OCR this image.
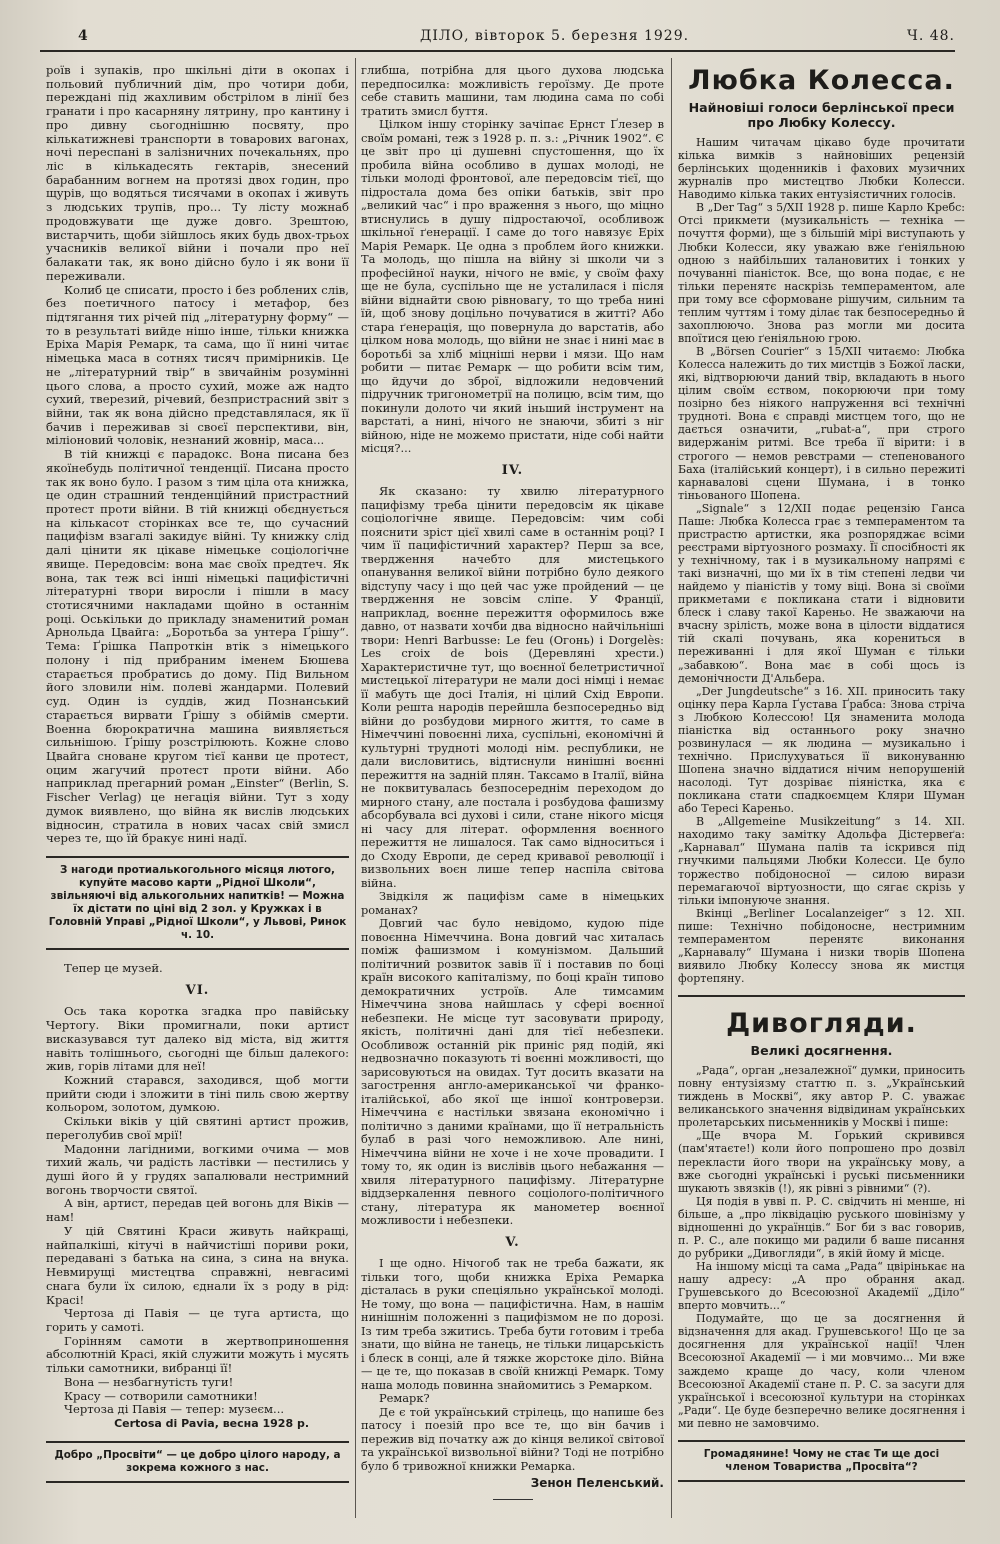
4	ДІЛО, вівторок 5. березня 1929.	Ч. 48.

роїв і зупаків, про шкільні діти в окопах і польовий публичний дім, про чотири доби, переждані під жахливим обстрілом в лінії без гранати і про касарняну лятрину, про кантину і про дивну сьогоднішню посвяту, про кількатижневі транспорти в товарових вагонах, ночі переспані в залізничних почекальнях, про ліс в кількадесять гектарів, знесений барабанним вогнем на протязі двох годин, про щурів, що водяться тисячами в окопах і живуть з людських трупів, про... Ту лісту можнаб продовжувати ще дуже довго. Зрештою, вистарчить, щоби зійшлось яких будь двох-трьох учасників великої війни і почали про неї балакати так, як воно дійсно було і як вони її переживали.

Колиб це списати, просто і без роблених слів, без поетичного патосу і метафор, без підтягання тих річей під „літературну форму“ — то в результаті вийде нішо інше, тільки книжка Еріха Марія Ремарк, та сама, що її нині читає німецька маса в сотнях тисяч примірників. Це не „літературний твір“ в звичайнім розумінні цього слова, а просто сухий, може аж надто сухий, тверезий, річевий, безпристрасний звіт з війни, так як вона дійсно представлялася, як її бачив і переживав зі своєї перспективи, він, міліоновий чоловік, незнаний жовнір, маса...

В тій книжці є парадокс. Вона писана без якоїнебудь політичної тенденції. Писана просто так як воно було. І разом з тим ціла ота книжка, це один страшний тенденційний пристрастний протест проти війни. В тій книжці обєднується на кількасот сторінках все те, що сучасний пацифізм взагалі закидує війні. Ту книжку слід далі цінити як цікаве німецьке соціологічне явище. Передовсім: вона має своїх предтеч. Як вона, так теж всі інші німецькі пацифістичні літературні твори виросли і пішли в масу стотисячними накладами щойно в останнім році. Оськільки до прикладу знаменитий роман Арнольда Цвайга: „Боротьба за унтера Ґрішу“. Тема: Ґрішка Папроткін втік з німецького полону і під прибраним іменем Бюшева старається пробратись до дому. Під Вильном його зловили нім. полеві жандарми. Полевий суд. Один із суддів, жид Познанський старається вирвати Ґрішу з обіймів смерти. Военна бюрократична машина виявляється сильнішою. Ґрішу розстрілюють. Кожне слово Цвайга сноване кругом тієї канви це протест, оцим жагучий протест проти війни. Або наприклад прегарний роман „Einster“ (Berlin, S. Fischer Verlag) це негація війни. Тут з ходу думок виявлено, що війна як вислів людських відносин, стратила в нових часах свій змисл через те, що їй бракує нині надї.

З нагоди протиалькогольного місяця лютого, купуйте масово карти „Рідної Школи“, звільняючі від алькогольних напитків! — Можна їх дістати по ціні від 2 зол. у Кружках і в Головній Управі „Рідної Школи“, у Львові, Ринок ч. 10.

Тепер це музей.

VI.

Ось така коротка згадка про павійську Чертогу. Віки промигнали, поки артист висказувався тут далеко від міста, від життя навіть толішнього, сьогодні ще більш далекого: жив, горів літами для неї!

Кожний старався, заходився, щоб могти прийти сюди і зложити в тіні пиль свою жертву кольором, золотом, думкою.

Скільки віків у цій святині артист прожив, переголубив свої мрії!

Мадонни лагідними, вогкими очима — мов тихий жаль, чи радість ластівки — пестились у душі його й у грудях запалювали нестримний вогонь творчости святої.

А він, артист, передав цей вогонь для Віків — нам!

У цій Святині Краси живуть найкращі, найпалкіші, кітучі в найчистіші пориви роки, передавані з батька на сина, з сина на внука. Невмирущі мистецтва справжні, невгасимі снага були їх силою, єднали їх з роду в рід: Красі!

Чертоза ді Павія — це туга артиста, що горить у самоті.

Горінням самоти в жертвоприношення абсолютній Красі, якій служити можуть і мусять тільки самотники, вибранці її!

Вона — незбагнутість туги!

Красу — сотворили самотники!

Чертоза ді Павія — тепер: музеєм...

Certosa di Pavia, весна 1928 р.

Добро „Просвіти“ — це добро цілого народу, а зокрема кожного з нас.

глибша, потрібна для цього духова людська передпосилка: можливість героїзму. Де проте себе ставить машини, там людина сама по собі тратить змисл буття.

Цілком іншу сторінку зачіпає Ернст Ґлезер в своїм романі, теж з 1928 р. п. з.: „Річник 1902“. Є це звіт про ці душевні спустошення, що їх пробила війна особливо в душах молоді, не тільки молоді фронтової, але передовсім тієї, що підростала дома без опіки батьків, звіт про „великий час“ і про враження з нього, що міцно втиснулись в душу підростаючої, особливож шкільної ґенерації. І саме до того навязує Еріх Марія Ремарк. Це одна з проблем його книжки. Та молодь, що пішла на війну зі школи чи з професійної науки, нічого не вміє, у своїм фаху ще не була, суспільно ще не усталилася і після війни віднайти свою рівновагу, то що треба нині їй, щоб знову доцільно почуватися в житті? Або стара ґенерація, що повернула до варстатів, або цілком нова молодь, що війни не знає і нині має в боротьбі за хліб міцніші нерви і мязи. Що нам робити — питає Ремарк — що робити всім тим, що йдучи до зброї, відложили недовчений підручник тригонометрії на полицю, всім тим, що покинули долото чи який іньший інструмент на варстаті, а нині, нічого не знаючи, збиті з ніг війною, ніде не можемо пристати, ніде собі найти місця?...

IV.

Як сказано: ту хвилю літературного пацифізму треба цінити передовсім як цікаве соціологічне явище. Передовсім: чим собі пояснити зріст цієї хвилі саме в останнім році? І чим її пацифістичний характер? Перш за все, твердження начебто для мистецького опанування великої війни потрібно було деякого відступу часу і що цей час уже пройдений — це твердження не зовсім сліпе. У Франції, наприклад, воєнне пережиття оформилось вже давно, от назвати хочби два відносно найчільніші твори: Henri Barbusse: Le feu (Огонь) і Dorgelès: Les croix de bois (Деревляні хрести.) Характеристичне тут, що воєнної белетристичної мистецької літератури не мали досі німці і немає її мабуть ще досі Італія, ні цілий Схід Европи. Коли решта народів перейшла безпосередньо від війни до розбудови мирного життя, то саме в Німеччині повоєнні лиха, суспільні, економічні й культурні трудноті молоді нім. республики, не дали висловитись, відтиснули нинішні воєнні пережиття на задній плян. Таксамо в Італії, війна не поквитувалась безпосереднім переходом до мирного стану, але постала і розбудова фашизму абсорбувала всі духові і сили, стане нікого місця ні часу для літерат. оформлення воєнного пережиття не лишалося. Так само відноситься і до Сходу Европи, де серед кривавої революції і визвольних воєн лише тепер наспіла світова війна.

Звідкіля ж пацифізм саме в німецьких романах?

Довгий час було невідомо, кудою піде повоєнна Німеччина. Вона довгий час хиталась поміж фашизмом і комунізмом. Дальший політичний розвиток завів її і поставив по боці країн високого капіталізму, по боці країн типово демократичних устроїв. Але тимсамим Німеччина знова найшлась у сфері воєнної небезпеки. Не місце тут засовувати природу, якість, політичні дані для тієї небезпеки. Особливож останній рік приніс ряд подій, які недвозначно показують ті воєнні можливості, що зарисовуються на овидах. Тут досить вказати на загострення англо-американської чи франко-італійської, або якої ще іншої контроверзи. Німеччина є настільки звязана економічно і політично з даними країнами, що її нетральність булаб в разі чого неможливою. Але нині, Німеччина війни не хоче і не хоче провадити. І тому то, як один із вислівів цього небажання — хвиля літературного пацифізму. Літературне віддзеркалення певного соціолого-політичного стану, література як манометер воєнної можливости і небезпеки.

V.

І ще одно. Нічогоб так не треба бажати, як тільки того, щоби книжка Еріха Ремарка дісталась в руки спеціяльно української молоді. Не тому, що вона — пацифістична. Нам, в нашім нинішнім положенні з пацифізмом не по дорозі. Із тим треба зжитись. Треба бути готовим і треба знати, що війна не танець, не тільки лицарськість і блеск в сонці, але й тяжке жорстоке діло. Війна — це те, що показав в своїй книжці Ремарк. Тому наша молодь повинна знайомитись з Ремарком.

Ремарк?

Де є той український стрілець, що напише без патосу і поезій про все те, що він бачив і пережив від початку аж до кінця великої світової та української визвольної війни? Тоді не потрібно було б тривожної книжки Ремарка.

Зенон Пеленський.
Любка Колесса.
Найновіші голоси берлінської преси про Любку Колессу.

Нашим читачам цікаво буде прочитати кілька вимків з найновіших рецензій берлінських щоденників і фахових музичних журналів про мистецтво Любки Колесси. Наводимо кілька таких ентузіястичних голосів.

В „Der Tag“ з 5/XII 1928 р. пише Карло Кребс: Отсі прикмети (музикальність — техніка — почуття форми), ще з більшій мірі виступають у Любки Колесси, яку уважаю вже ґеніяльною одною з найбільших талановитих і тонких у почуванні піаністок. Все, що вона подає, є не тільки перенятє наскрізь темпераментом, але при тому все сформоване рішучим, сильним та теплим чуттям і тому ділає так безпосередньо й захоплюючо. Знова раз могли ми досита впоїтися цею ґеніяльною грою.

В „Börsen Courier“ з 15/XII читаємо: Любка Колесса належить до тих мистців з Божої ласки, які, відтворюючи даний твір, вкладають в нього цілим своїм єством, покорюючи при тому позірно без ніякого напруження всі технічні трудноті. Вона є справді мистцем того, що не дається означити, „rubat-a“, при строго видержанім ритмі. Все треба її вірити: і в строгого — немов ревстрами — степенованого Баха (італійський концерт), і в сильно пережиті карнавалові сцени Шумана, і в тонко тіньованого Шопена.

„Signale“ з 12/XII подає рецензію Ганса Паше: Любка Колесса грає з темпераментом та пристрастю артистки, яка розпоряджає всіми реєстрами віртуозного розмаху. Її спосібності як у технічному, так і в музикальному напрямі є такі визначні, що ми їх в тім степені ледви чи найдемо у піаністів у тому віці. Вона зі своїми прикметами є покликана стати і відновити блеск і славу такої Кареньо. Не зважаючи на вчасну зрілість, може вона в цілости віддатися тій скалі почувань, яка корениться в переживанні і для якої Шуман є тільки „забавкою“. Вона має в собі щось із демонічности Д'Альбера.

„Der Jungdeutsche“ з 16. XII. приносить таку оцінку пера Карла Ґустава Ґрабса: Знова стріча з Любкою Колессою! Ця знаменита молода піаністка від останнього року значно розвинулася — як людина — музикально і технічно. Прислухуваться її виконуванню Шопена значно віддатися нічим непорушеній насолоді. Тут дозріває піяністка, яка є покликана стати спадкоємцем Кляри Шуман або Тересі Кареньо.

В „Allgemeine Musikzeitung“ з 14. XII. находимо таку замітку Адольфа Дістервеґа: „Карнавал“ Шумана палів та іскрився під гнучкими пальцями Любки Колесси. Це було торжество побідоносної — силою вирази перемагаючої віртуозности, що сягає скрізь у тільки імпонуюче знання.

Вкінці „Berliner Localanzeiger“ з 12. XII. пише: Технічно побідоносне, нестримним темпераментом перенятє виконання „Карнавалу“ Шумана і низки творів Шопена виявило Любку Колессу знова як мистця фортепяну.

Дивогляди.
Великі досягнення.

„Рада“, орган „незалежної“ думки, приносить повну ентузіязму статтю п. з. „Український тиждень в Москві“, яку автор Р. С. уважає великанського значення відвідинам українських пролетарських письменників у Москві і пише:

„Ще вчора М. Ґорький скривився (пам'ятаєте!) коли його попрошено про дозвіл перекласти його твори на українську мову, а вже сьогодні українські і руські письменники шукають звязків (!), як рівні з рівними“ (?).

Ця подія в увві п. Р. С. свідчить ні менше, ні більше, а „про ліквідацію руського шовінізму у відношенні до українців.“ Бог би з вас говорив, п. Р. С., але покищо ми радили б ваше писання до рубрики „Дивогляди“, в якій йому й місце.

На іншому місці та сама „Рада“ цвірінькає на нашу адресу: „А про обрання акад. Грушевського до Всесоюзної Академії „Діло“ вперто мовчить...“

Подумайте, що це за досягнення й відзначення для акад. Грушевського! Що це за досягнення для української нації! Член Всесоюзної Академії — і ми мовчимо... Ми вже заждемо краще до часу, коли членом Всесоюзної Академії стане п. Р. С. за засуги для української і всесоюзної культури на сторінках „Ради“. Це буде безперечно велике досягнення і ми певно не замовчимо.

Громадянине! Чому не стає Ти ще досі членом Товариства „Просвіта“?
